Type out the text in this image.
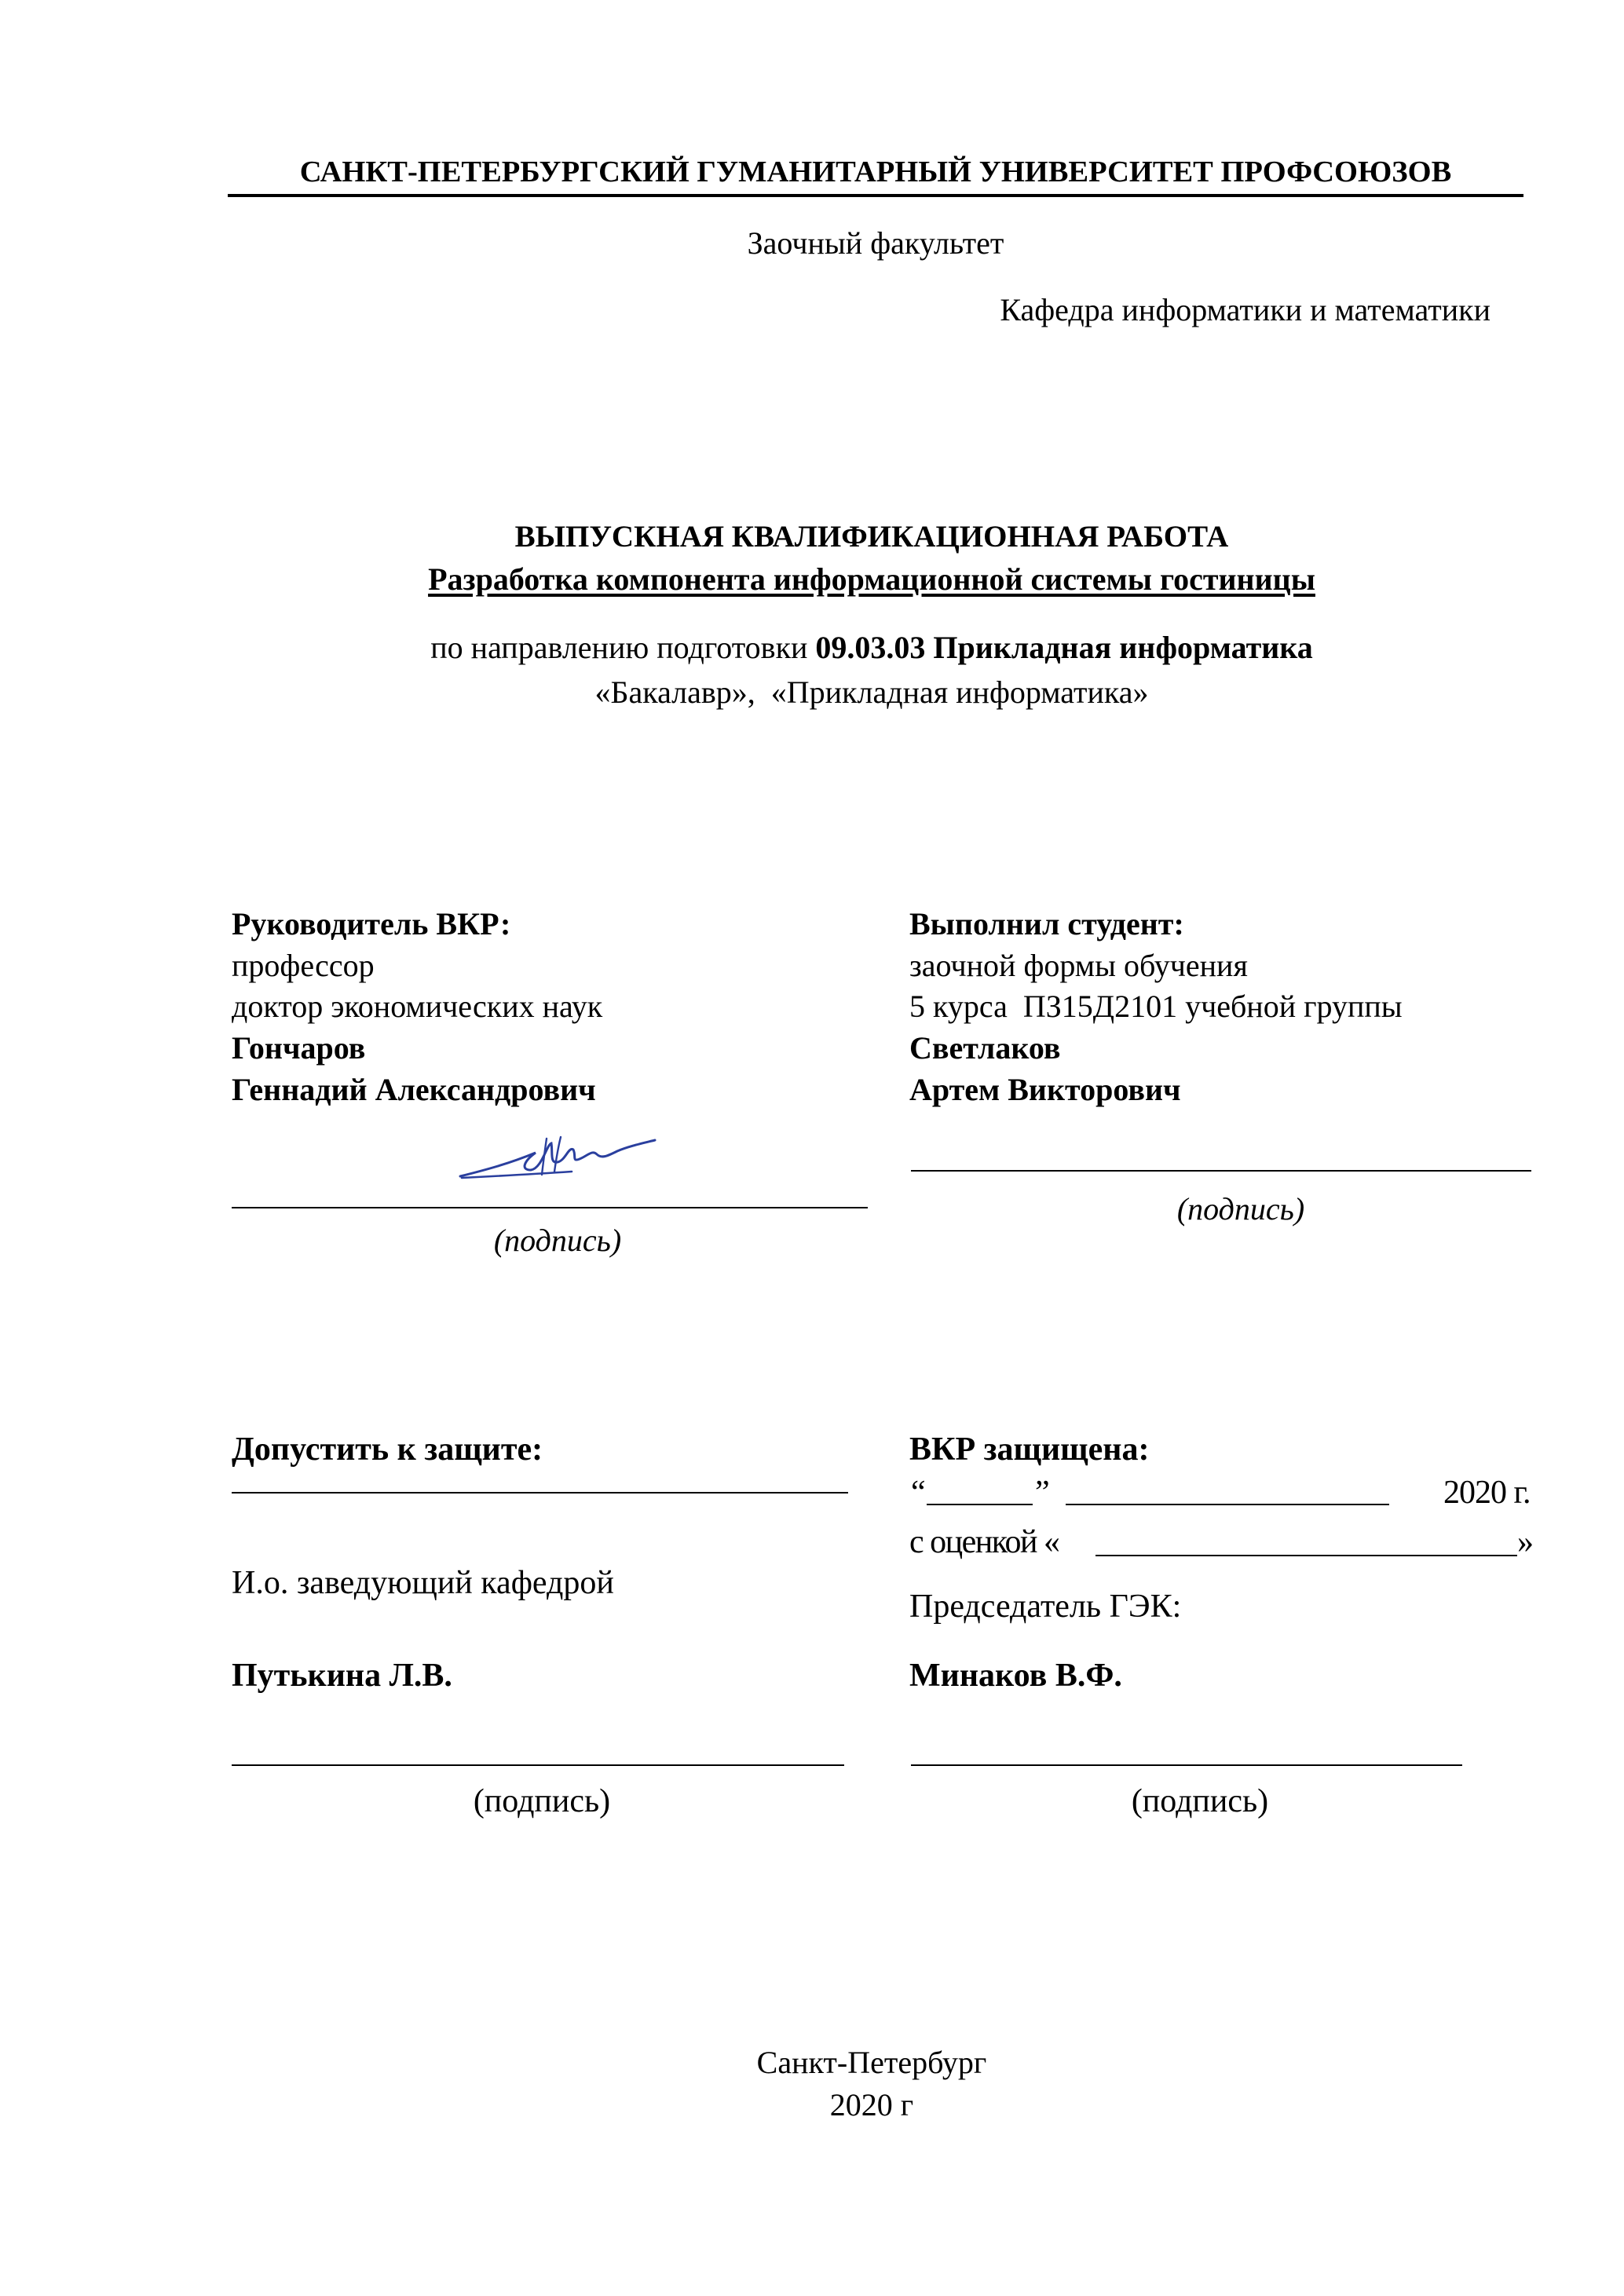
САНКТ-ПЕТЕРБУРГСКИЙ ГУМАНИТАРНЫЙ УНИВЕРСИТЕТ ПРОФСОЮЗОВ
Заочный факультет
Кафедра информатики и математики
ВЫПУСКНАЯ КВАЛИФИКАЦИОННАЯ РАБОТА
Разработка компонента информационной системы гостиницы
по направлению подготовки 09.03.03 Прикладная информатика
«Бакалавр»,  «Прикладная информатика»
Руководитель ВКР:
профессор
доктор экономических наук
Гончаров
Геннадий Александрович
(подпись)
Выполнил студент:
заочной формы обучения
5 курса  ПЗ15Д2101 учебной группы
Светлаков
Артем Викторович
(подпись)
Допустить к защите:
И.о. заведующий кафедрой
Путькина Л.В.
(подпись)
ВКР защищена:
“	”	2020 г.
с оценкой «	»
Председатель ГЭК:
Минаков В.Ф.
(подпись)
Санкт-Петербург
2020 г
